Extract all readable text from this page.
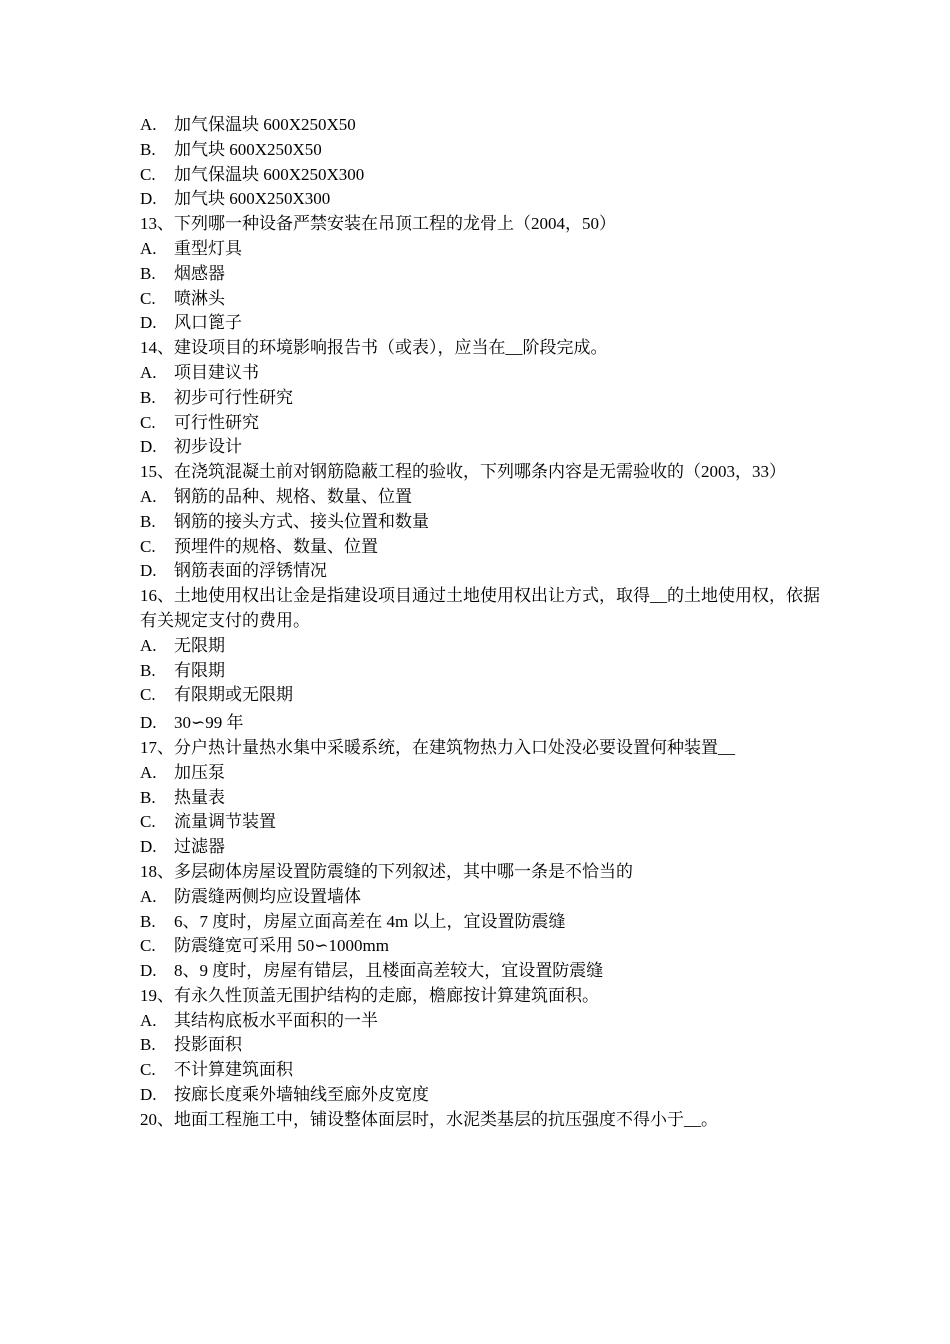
A.	加气保温块 600X250X50
B.	加气块 600X250X50
C.	加气保温块 600X250X300
D.	加气块 600X250X300
13、下列哪一种设备严禁安装在吊顶工程的龙骨上（2004，50）
A.	重型灯具
B.	烟感器
C.	喷淋头
D.	风口篦子
14、建设项目的环境影响报告书（或表），应当在__阶段完成。
A.	项目建议书
B.	初步可行性研究
C.	可行性研究
D.	初步设计
15、在浇筑混凝土前对钢筋隐蔽工程的验收，下列哪条内容是无需验收的（2003，33）
A.	钢筋的品种、规格、数量、位置
B.	钢筋的接头方式、接头位置和数量
C.	预埋件的规格、数量、位置
D.	钢筋表面的浮锈情况
16、土地使用权出让金是指建设项目通过土地使用权出让方式，取得__的土地使用权，依据有关规定支付的费用。
A.	无限期
B.	有限期
C.	有限期或无限期
D.	30∽99 年
17、分户热计量热水集中采暖系统，在建筑物热力入口处没必要设置何种装置__
A.	加压泵
B.	热量表
C.	流量调节装置
D.	过滤器
18、多层砌体房屋设置防震缝的下列叙述，其中哪一条是不恰当的
A.	防震缝两侧均应设置墙体
B.	6、7 度时，房屋立面高差在 4m 以上，宜设置防震缝
C.	防震缝宽可采用 50∽1000mm
D.	8、9 度时，房屋有错层，且楼面高差较大，宜设置防震缝
19、有永久性顶盖无围护结构的走廊，檐廊按计算建筑面积。
A.	其结构底板水平面积的一半
B.	投影面积
C.	不计算建筑面积
D.	按廊长度乘外墙轴线至廊外皮宽度
20、地面工程施工中，铺设整体面层时，水泥类基层的抗压强度不得小于__。
